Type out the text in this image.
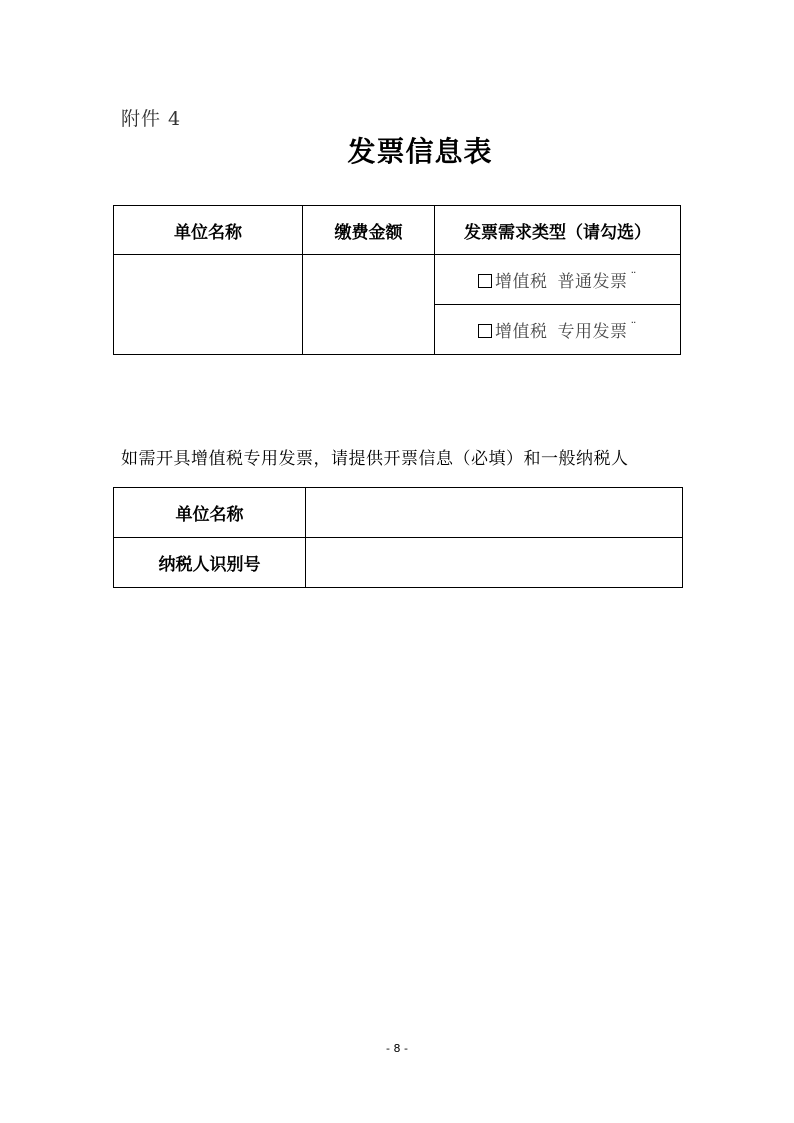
附件 4
发票信息表
单位名称	缴费金额	发票需求类型（请勾选）
		增值税 普通发票 ¨
		增值税 专用发票 ¨
如需开具增值税专用发票，请提供开票信息（必填）和一般纳税人
单位名称	
纳税人识别号	
- 8 -
